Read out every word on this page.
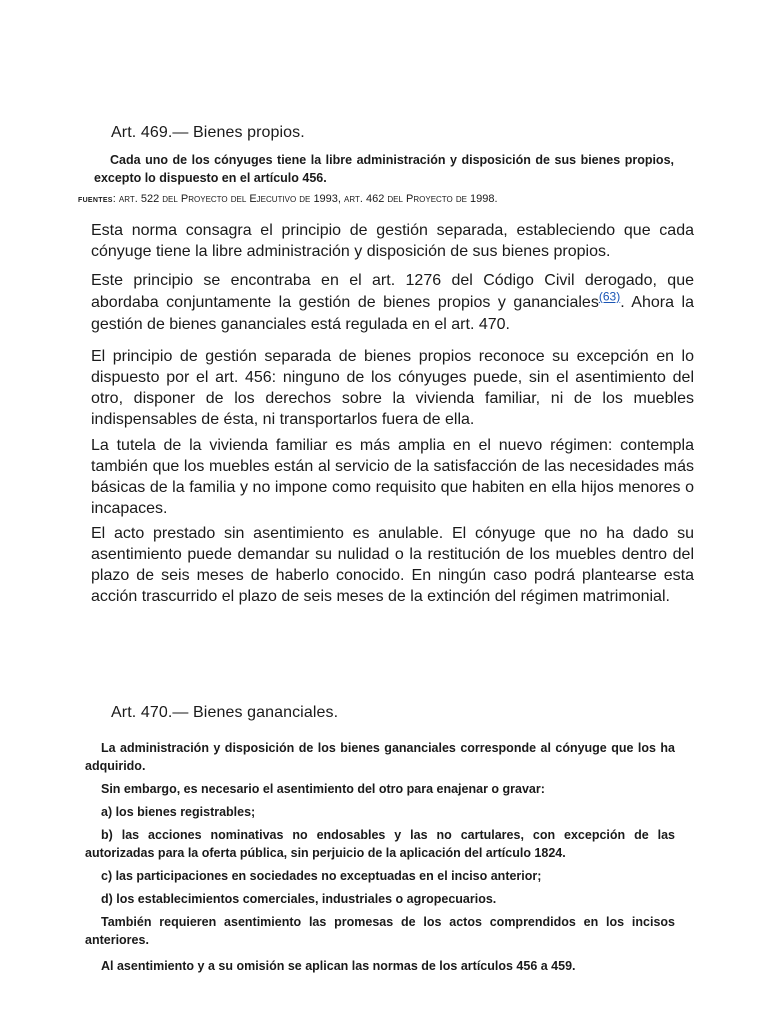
Art. 469.— Bienes propios.

Cada uno de los cónyuges tiene la libre administración y disposición de sus bienes propios, excepto lo dispuesto en el artículo 456.

FUENTES: art. 522 del Proyecto del Ejecutivo de 1993, art. 462 del Proyecto de 1998.

Esta norma consagra el principio de gestión separada, estableciendo que cada cónyuge tiene la libre administración y disposición de sus bienes propios.

Este principio se encontraba en el art. 1276 del Código Civil derogado, que abordaba conjuntamente la gestión de bienes propios y gananciales$^{(63)}$. Ahora la gestión de bienes gananciales está regulada en el art. 470.

El principio de gestión separada de bienes propios reconoce su excepción en lo dispuesto por el art. 456: ninguno de los cónyuges puede, sin el asentimiento del otro, disponer de los derechos sobre la vivienda familiar, ni de los muebles indispensables de ésta, ni transportarlos fuera de ella.

La tutela de la vivienda familiar es más amplia en el nuevo régimen: contempla también que los muebles están al servicio de la satisfacción de las necesidades más básicas de la familia y no impone como requisito que habiten en ella hijos menores o incapaces.

El acto prestado sin asentimiento es anulable. El cónyuge que no ha dado su asentimiento puede demandar su nulidad o la restitución de los muebles dentro del plazo de seis meses de haberlo conocido. En ningún caso podrá plantearse esta acción trascurrido el plazo de seis meses de la extinción del régimen matrimonial.

Art. 470.— Bienes gananciales.

La administración y disposición de los bienes gananciales corresponde al cónyuge que los ha adquirido.

Sin embargo, es necesario el asentimiento del otro para enajenar o gravar:

a) los bienes registrables;

b) las acciones nominativas no endosables y las no cartulares, con excepción de las autorizadas para la oferta pública, sin perjuicio de la aplicación del artículo 1824.

c) las participaciones en sociedades no exceptuadas en el inciso anterior;

d) los establecimientos comerciales, industriales o agropecuarios.

También requieren asentimiento las promesas de los actos comprendidos en los incisos anteriores.

Al asentimiento y a su omisión se aplican las normas de los artículos 456 a 459.
